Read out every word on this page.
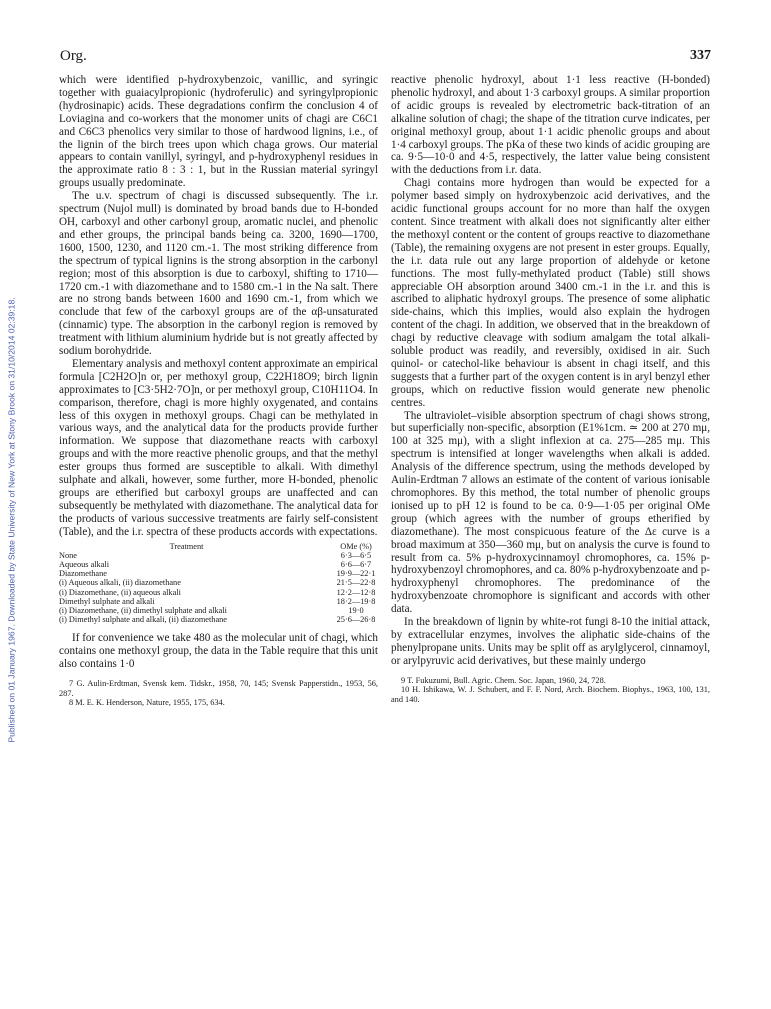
Published on 01 January 1967. Downloaded by State University of New York at Stony Brook on 31/10/2014 02:39:18.
Org.	337

which were identified p-hydroxybenzoic, vanillic, and syringic together with guaiacylpropionic (hydroferulic) and syringylpropionic (hydrosinapic) acids. These degradations confirm the conclusion 4 of Loviagina and co-workers that the monomer units of chagi are C6C1 and C6C3 phenolics very similar to those of hardwood lignins, i.e., of the lignin of the birch trees upon which chaga grows. Our material appears to contain vanillyl, syringyl, and p-hydroxyphenyl residues in the approximate ratio 8 : 3 : 1, but in the Russian material syringyl groups usually predominate.

The u.v. spectrum of chagi is discussed subsequently. The i.r. spectrum (Nujol mull) is dominated by broad bands due to H-bonded OH, carboxyl and other carbonyl group, aromatic nuclei, and phenolic and ether groups, the principal bands being ca. 3200, 1690—1700, 1600, 1500, 1230, and 1120 cm.-1. The most striking difference from the spectrum of typical lignins is the strong absorption in the carbonyl region; most of this absorption is due to carboxyl, shifting to 1710—1720 cm.-1 with diazomethane and to 1580 cm.-1 in the Na salt. There are no strong bands between 1600 and 1690 cm.-1, from which we conclude that few of the carboxyl groups are of the αβ-unsaturated (cinnamic) type. The absorption in the carbonyl region is removed by treatment with lithium aluminium hydride but is not greatly affected by sodium borohydride.

Elementary analysis and methoxyl content approximate an empirical formula [C2H2O]n or, per methoxyl group, C22H18O9; birch lignin approximates to [C3·5H2·7O]n, or per methoxyl group, C10H11O4. In comparison, therefore, chagi is more highly oxygenated, and contains less of this oxygen in methoxyl groups. Chagi can be methylated in various ways, and the analytical data for the products provide further information. We suppose that diazomethane reacts with carboxyl groups and with the more reactive phenolic groups, and that the methyl ester groups thus formed are susceptible to alkali. With dimethyl sulphate and alkali, however, some further, more H-bonded, phenolic groups are etherified but carboxyl groups are unaffected and can subsequently be methylated with diazomethane. The analytical data for the products of various successive treatments are fairly self-consistent (Table), and the i.r. spectra of these products accords with expectations.

Treatment	OMe (%)
None	6·3—6·5
Aqueous alkali	6·6—6·7
Diazomethane	19·9—22·1
(i) Aqueous alkali, (ii) diazomethane	21·5—22·8
(i) Diazomethane, (ii) aqueous alkali	12·2—12·8
Dimethyl sulphate and alkali	18·2—19·8
(i) Diazomethane, (ii) dimethyl sulphate and alkali	19·0
(i) Dimethyl sulphate and alkali, (ii) diazomethane	25·6—26·8

If for convenience we take 480 as the molecular unit of chagi, which contains one methoxyl group, the data in the Table require that this unit also contains 1·0

7 G. Aulin-Erdtman, Svensk kem. Tidskr., 1958, 70, 145; Svensk Papperstidn., 1953, 56, 287.

8 M. E. K. Henderson, Nature, 1955, 175, 634.

reactive phenolic hydroxyl, about 1·1 less reactive (H-bonded) phenolic hydroxyl, and about 1·3 carboxyl groups. A similar proportion of acidic groups is revealed by electrometric back-titration of an alkaline solution of chagi; the shape of the titration curve indicates, per original methoxyl group, about 1·1 acidic phenolic groups and about 1·4 carboxyl groups. The pKa of these two kinds of acidic grouping are ca. 9·5—10·0 and 4·5, respectively, the latter value being consistent with the deductions from i.r. data.

Chagi contains more hydrogen than would be expected for a polymer based simply on hydroxybenzoic acid derivatives, and the acidic functional groups account for no more than half the oxygen content. Since treatment with alkali does not significantly alter either the methoxyl content or the content of groups reactive to diazomethane (Table), the remaining oxygens are not present in ester groups. Equally, the i.r. data rule out any large proportion of aldehyde or ketone functions. The most fully-methylated product (Table) still shows appreciable OH absorption around 3400 cm.-1 in the i.r. and this is ascribed to aliphatic hydroxyl groups. The presence of some aliphatic side-chains, which this implies, would also explain the hydrogen content of the chagi. In addition, we observed that in the breakdown of chagi by reductive cleavage with sodium amalgam the total alkali-soluble product was readily, and reversibly, oxidised in air. Such quinol- or catechol-like behaviour is absent in chagi itself, and this suggests that a further part of the oxygen content is in aryl benzyl ether groups, which on reductive fission would generate new phenolic centres.

The ultraviolet–visible absorption spectrum of chagi shows strong, but superficially non-specific, absorption (E1%1cm. ≃ 200 at 270 mμ, 100 at 325 mμ), with a slight inflexion at ca. 275—285 mμ. This spectrum is intensified at longer wavelengths when alkali is added. Analysis of the difference spectrum, using the methods developed by Aulin-Erdtman 7 allows an estimate of the content of various ionisable chromophores. By this method, the total number of phenolic groups ionised up to pH 12 is found to be ca. 0·9—1·05 per original OMe group (which agrees with the number of groups etherified by diazomethane). The most conspicuous feature of the Δε curve is a broad maximum at 350—360 mμ, but on analysis the curve is found to result from ca. 5% p-hydroxycinnamoyl chromophores, ca. 15% p-hydroxybenzoyl chromophores, and ca. 80% p-hydroxybenzoate and p-hydroxyphenyl chromophores. The predominance of the hydroxybenzoate chromophore is significant and accords with other data.

In the breakdown of lignin by white-rot fungi 8-10 the initial attack, by extracellular enzymes, involves the aliphatic side-chains of the phenylpropane units. Units may be split off as arylglycerol, cinnamoyl, or arylpyruvic acid derivatives, but these mainly undergo

9 T. Fukuzumi, Bull. Agric. Chem. Soc. Japan, 1960, 24, 728.

10 H. Ishikawa, W. J. Schubert, and F. F. Nord, Arch. Biochem. Biophys., 1963, 100, 131, and 140.
